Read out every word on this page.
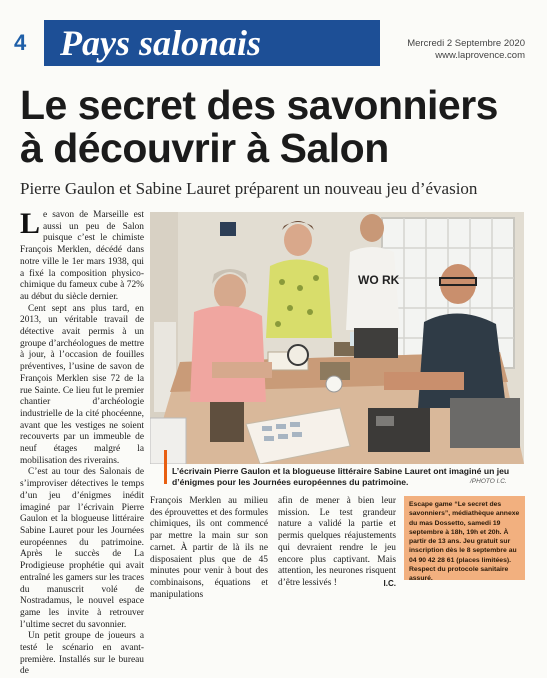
4 Pays salonais	Mercredi 2 Septembre 2020
www.laprovence.com
Le secret des savonniers
à découvrir à Salon
Pierre Gaulon et Sabine Lauret préparent un nouveau jeu d’évasion

Le savon de Marseille est aussi un peu de Salon puisque c’est le chimiste François Merklen, décédé dans notre ville le 1er mars 1938, qui a fixé la composition physico-chimique du fameux cube à 72% au début du siècle dernier.

Cent sept ans plus tard, en 2013, un véritable travail de détective avait permis à un groupe d’archéologues de mettre à jour, à l’occasion de fouilles préventives, l’usine de savon de François Merklen sise 72 de la rue Sainte. Ce lieu fut le premier chantier d’archéologie industrielle de la cité phocéenne, avant que les vestiges ne soient recouverts par un immeuble de neuf étages malgré la mobilisation des riverains.

C’est au tour des Salonais de s’improviser détectives le temps d’un jeu d’énigmes inédit imaginé par l’écrivain Pierre Gaulon et la blogueuse littéraire Sabine Lauret pour les Journées européennes du patrimoine. Après le succès de La Prodigieuse prophétie qui avait entraîné les gamers sur les traces du manuscrit volé de Nostradamus, le nouvel espace game les invite à retrouver l’ultime secret du savonnier.

Un petit groupe de joueurs a testé le scénario en avant-première. Installés sur le bureau de

WO RK
L’écrivain Pierre Gaulon et la blogueuse littéraire Sabine Lauret ont imaginé un jeu d’énigmes pour les Journées européennes du patrimoine.	/PHOTO I.C.

François Merklen au milieu des éprouvettes et des formules chimiques, ils ont commencé par mettre la main sur son carnet. À partir de là ils ne disposaient plus que de 45 minutes pour venir à bout des combinaisons, équations et manipulations

afin de mener à bien leur mission. Le test grandeur nature a validé la partie et permis quelques réajustements qui devraient rendre le jeu encore plus captivant. Mais attention, les neurones risquent d’être lessivés !	I.C.

Escape game “Le secret des savonniers”, médiathèque annexe du mas Dossetto, samedi 19 septembre à 18h, 19h et 20h. À partir de 13 ans. Jeu gratuit sur inscription dès le 8 septembre au 04 90 42 28 61 (places limitées). Respect du protocole sanitaire assuré.
